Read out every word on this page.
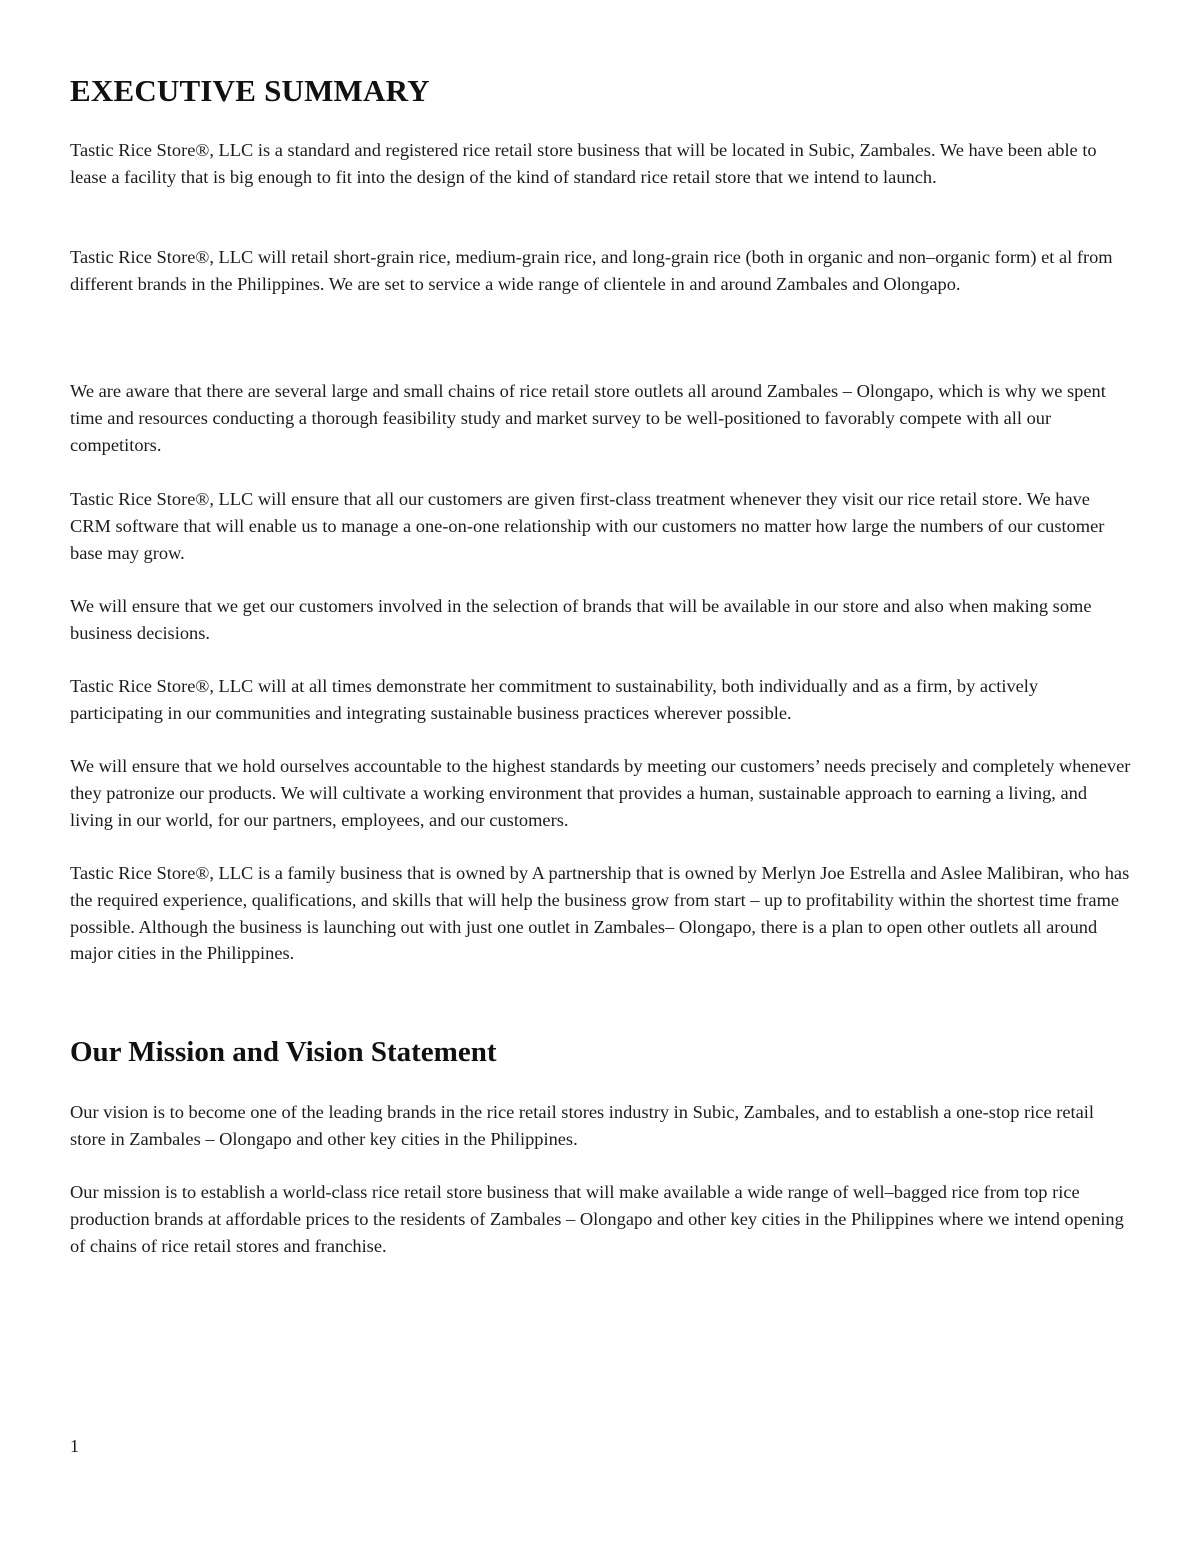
EXECUTIVE SUMMARY

Tastic Rice Store®, LLC is a standard and registered rice retail store business that will be located in Subic, Zambales. We have been able to lease a facility that is big enough to fit into the design of the kind of standard rice retail store that we intend to launch.

Tastic Rice Store®, LLC will retail short-grain rice, medium-grain rice, and long-grain rice (both in organic and non–organic form) et al from different brands in the Philippines. We are set to service a wide range of clientele in and around Zambales and Olongapo.

We are aware that there are several large and small chains of rice retail store outlets all around Zambales – Olongapo, which is why we spent time and resources conducting a thorough feasibility study and market survey to be well-positioned to favorably compete with all our competitors.

Tastic Rice Store®, LLC will ensure that all our customers are given first-class treatment whenever they visit our rice retail store. We have CRM software that will enable us to manage a one-on-one relationship with our customers no matter how large the numbers of our customer base may grow.

We will ensure that we get our customers involved in the selection of brands that will be available in our store and also when making some business decisions.

Tastic Rice Store®, LLC will at all times demonstrate her commitment to sustainability, both individually and as a firm, by actively participating in our communities and integrating sustainable business practices wherever possible.

We will ensure that we hold ourselves accountable to the highest standards by meeting our customers’ needs precisely and completely whenever they patronize our products. We will cultivate a working environment that provides a human, sustainable approach to earning a living, and living in our world, for our partners, employees, and our customers.

Tastic Rice Store®, LLC is a family business that is owned by A partnership that is owned by Merlyn Joe Estrella and Aslee Malibiran, who has the required experience, qualifications, and skills that will help the business grow from start – up to profitability within the shortest time frame possible. Although the business is launching out with just one outlet in Zambales– Olongapo, there is a plan to open other outlets all around major cities in the Philippines.

Our Mission and Vision Statement

Our vision is to become one of the leading brands in the rice retail stores industry in Subic, Zambales, and to establish a one-stop rice retail store in Zambales – Olongapo and other key cities in the Philippines.

Our mission is to establish a world-class rice retail store business that will make available a wide range of well–bagged rice from top rice production brands at affordable prices to the residents of Zambales – Olongapo and other key cities in the Philippines where we intend opening of chains of rice retail stores and franchise.

1
